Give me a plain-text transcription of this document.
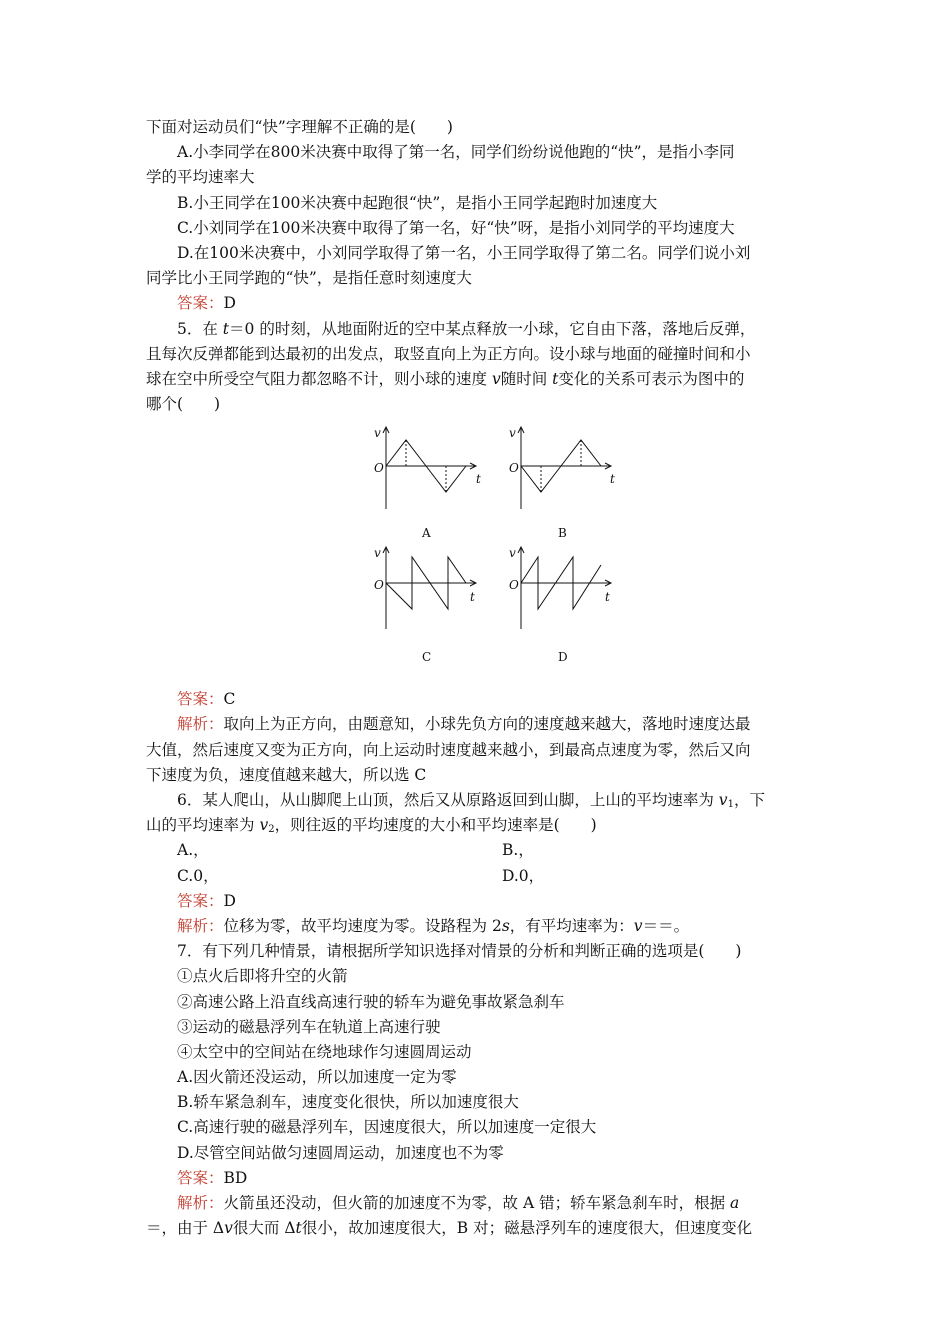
下面对运动员们“快”字理解不正确的是(　　)
A.小李同学在800米决赛中取得了第一名，同学们纷纷说他跑的“快”，是指小李同
学的平均速率大
B.小王同学在100米决赛中起跑很“快”，是指小王同学起跑时加速度大
C.小刘同学在100米决赛中取得了第一名，好“快”呀，是指小刘同学的平均速度大
D.在100米决赛中，小刘同学取得了第一名，小王同学取得了第二名。同学们说小刘
同学比小王同学跑的“快”，是指任意时刻速度大
答案：D
5．在 t＝0 的时刻，从地面附近的空中某点释放一小球，它自由下落，落地后反弹，
且每次反弹都能到达最初的出发点，取竖直向上为正方向。设小球与地面的碰撞时间和小
球在空中所受空气阻力都忽略不计，则小球的速度 v随时间 t变化的关系可表示为图中的
哪个(　　)
v
O
t
A
v
O
t
B
v
O
t
C
v
O
t
D
答案：C
解析：取向上为正方向，由题意知，小球先负方向的速度越来越大，落地时速度达最
大值，然后速度又变为正方向，向上运动时速度越来越小，到最高点速度为零，然后又向
下速度为负，速度值越来越大，所以选 C
6．某人爬山，从山脚爬上山顶，然后又从原路返回到山脚，上山的平均速率为 $v_1$，下
山的平均速率为 $v_2$，则往返的平均速度的大小和平均速率是(　　)
A.，	B.，
C.0，	D.0，
答案：D
解析：位移为零，故平均速度为零。设路程为 2s，有平均速率为：v＝＝。
7．有下列几种情景，请根据所学知识选择对情景的分析和判断正确的选项是(　　)
①点火后即将升空的火箭
②高速公路上沿直线高速行驶的轿车为避免事故紧急刹车
③运动的磁悬浮列车在轨道上高速行驶
④太空中的空间站在绕地球作匀速圆周运动
A.因火箭还没运动，所以加速度一定为零
B.轿车紧急刹车，速度变化很快，所以加速度很大
C.高速行驶的磁悬浮列车，因速度很大，所以加速度一定很大
D.尽管空间站做匀速圆周运动，加速度也不为零
答案：BD
解析：火箭虽还没动，但火箭的加速度不为零，故 A 错；轿车紧急刹车时，根据 a
＝，由于 Δv很大而 Δt很小，故加速度很大，B 对；磁悬浮列车的速度很大，但速度变化
